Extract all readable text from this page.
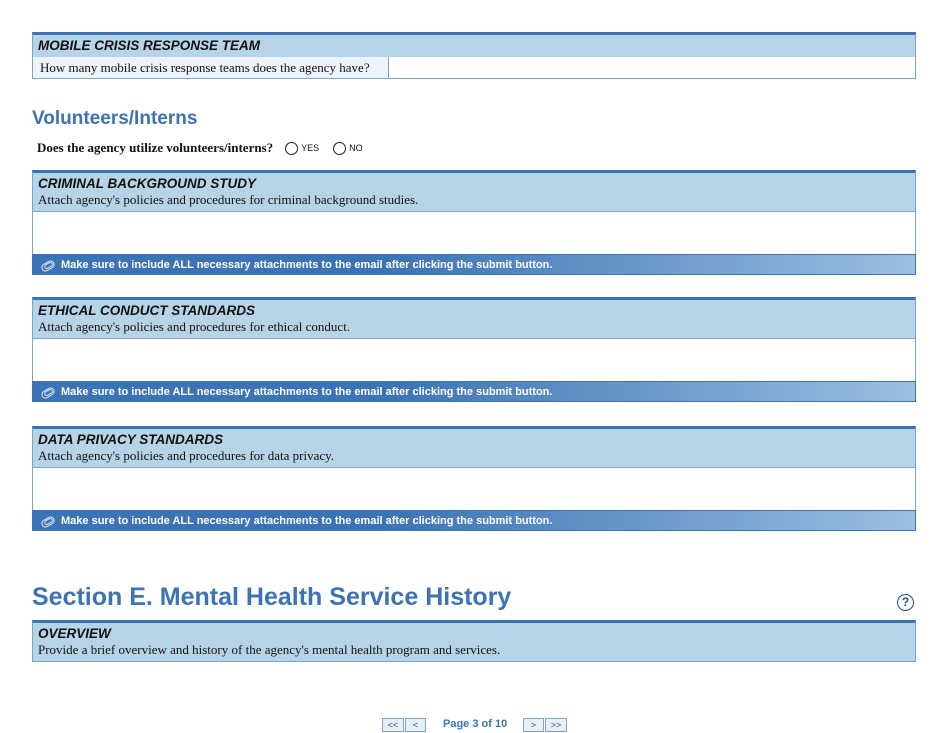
MOBILE CRISIS RESPONSE TEAM
How many mobile crisis response teams does the agency have?
Volunteers/Interns
Does the agency utilize volunteers/interns?	YES	NO
CRIMINAL BACKGROUND STUDY
Attach agency's policies and procedures for criminal background studies.
Make sure to include ALL necessary attachments to the email after clicking the submit button.
ETHICAL CONDUCT STANDARDS
Attach agency's policies and procedures for ethical conduct.
Make sure to include ALL necessary attachments to the email after clicking the submit button.
DATA PRIVACY STANDARDS
Attach agency's policies and procedures for data privacy.
Make sure to include ALL necessary attachments to the email after clicking the submit button.
Section E. Mental Health Service History	?
OVERVIEW
Provide a brief overview and history of the agency's mental health program and services.
<<	<	Page 3 of 10	>	>>
